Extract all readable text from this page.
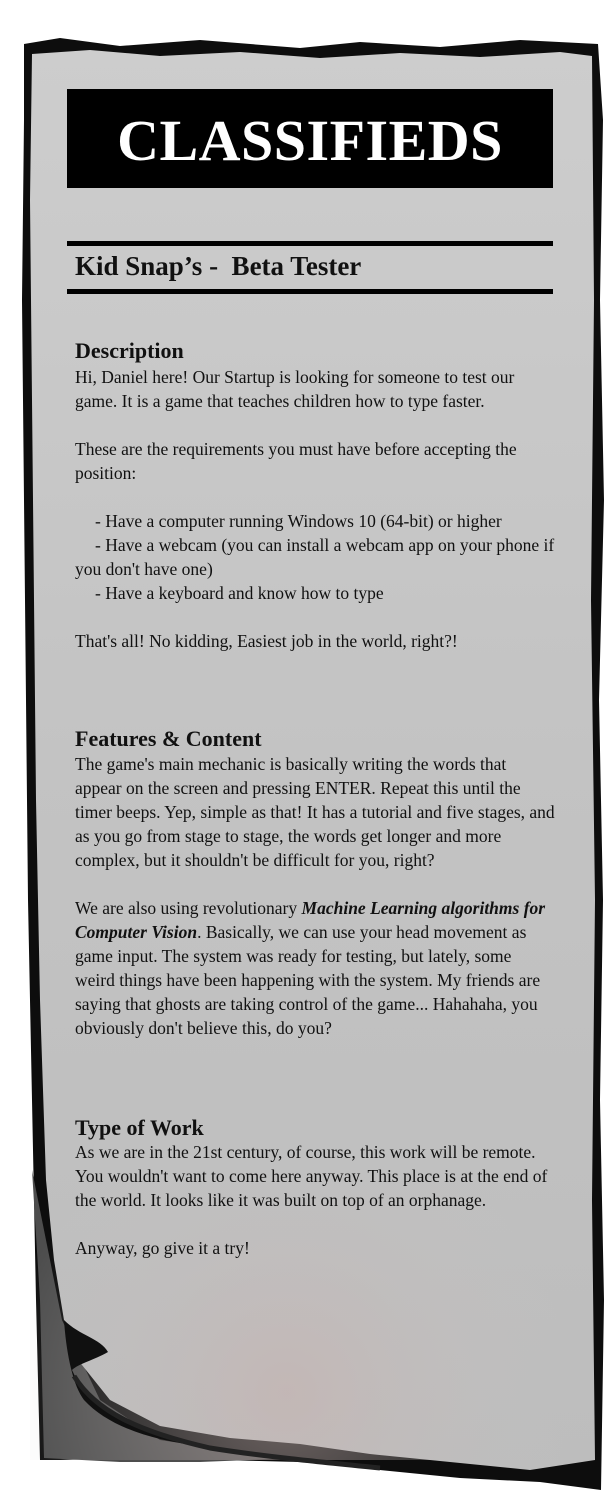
CLASSIFIEDS
Kid Snap’s -  Beta Tester
Description

Hi, Daniel here! Our Startup is looking for someone to test our game. It is a game that teaches children how to type faster.

These are the requirements you must have before accepting the position:

- Have a computer running Windows 10 (64-bit) or higher
- Have a webcam (you can install a webcam app on your phone if you don't have one)
- Have a keyboard and know how to type

That's all! No kidding, Easiest job in the world, right?!

Features & Content

The game's main mechanic is basically writing the words that appear on the screen and pressing ENTER. Repeat this until the timer beeps. Yep, simple as that! It has a tutorial and five stages, and as you go from stage to stage, the words get longer and more complex, but it shouldn't be difficult for you, right?

We are also using revolutionary Machine Learning algorithms for Computer Vision. Basically, we can use your head movement as game input. The system was ready for testing, but lately, some weird things have been happening with the system. My friends are saying that ghosts are taking control of the game... Hahahaha, you obviously don't believe this, do you?

Type of Work

As we are in the 21st century, of course, this work will be remote. You wouldn't want to come here anyway. This place is at the end of the world. It looks like it was built on top of an orphanage.

Anyway, go give it a try!
